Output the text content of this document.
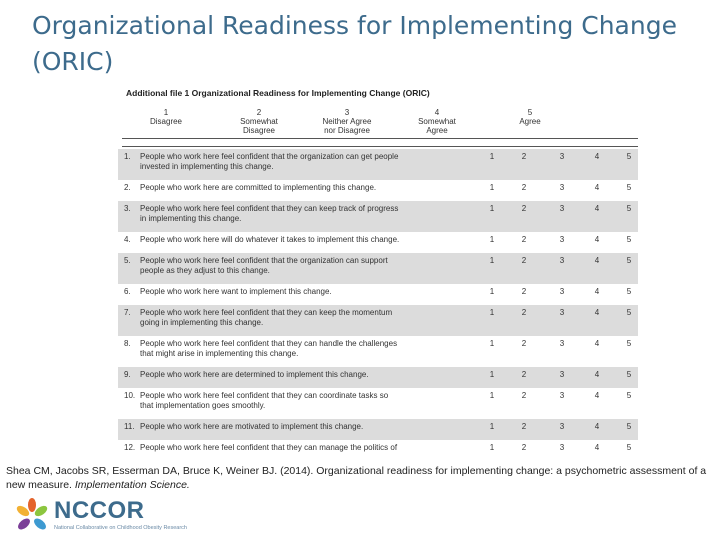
Organizational Readiness for Implementing Change (ORIC)
Additional file 1 Organizational Readiness for Implementing Change (ORIC)
1
Disagree
2
Somewhat
Disagree
3
Neither Agree
nor Disagree
4
Somewhat
Agree
5
Agree
1. People who work here feel confident that the organization can get people
invested in implementing this change.
1	2	3	4	5
2. People who work here are committed to implementing this change.	1	2	3	4	5
3. People who work here feel confident that they can keep track of progress
in implementing this change.
1	2	3	4	5
4. People who work here will do whatever it takes to implement this change.	1	2	3	4	5
5. People who work here feel confident that the organization can support
people as they adjust to this change.
1	2	3	4	5
6. People who work here want to implement this change.	1	2	3	4	5
7. People who work here feel confident that they can keep the momentum
going in implementing this change.
1	2	3	4	5
8. People who work here feel confident that they can handle the challenges
that might arise in implementing this change.
1	2	3	4	5
9. People who work here are determined to implement this change.	1	2	3	4	5
10. People who work here feel confident that they can coordinate tasks so
that implementation goes smoothly.
1	2	3	4	5
11. People who work here are motivated to implement this change.	1	2	3	4	5
12. People who work here feel confident that they can manage the politics of	1	2	3	4	5
Shea CM, Jacobs SR, Esserman DA, Bruce K, Weiner BJ. (2014). Organizational readiness for implementing change: a psychometric assessment of a new measure. Implementation Science.
NCCOR
National Collaborative on Childhood Obesity Research
